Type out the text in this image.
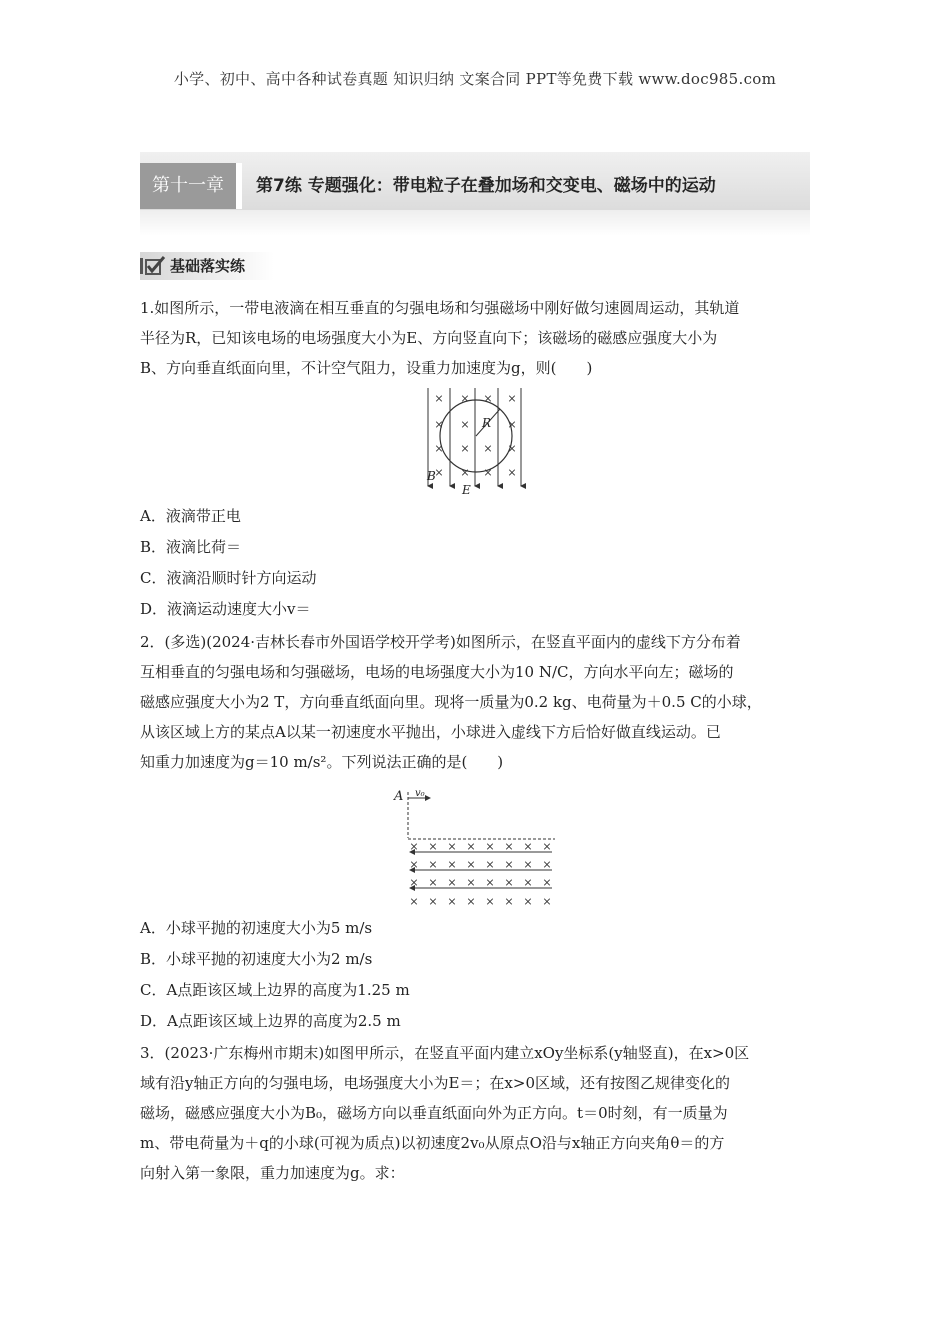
小学、初中、高中各种试卷真题 知识归纳 文案合同 PPT等免费下载 www.doc985.com
第十一章	第7练 专题强化：带电粒子在叠加场和交变电、磁场中的运动
基础落实练
1.如图所示，一带电液滴在相互垂直的匀强电场和匀强磁场中刚好做匀速圆周运动，其轨道
半径为R，已知该电场的电场强度大小为E、方向竖直向下；该磁场的磁感应强度大小为
B、方向垂直纸面向里，不计空气阻力，设重力加速度为g，则(　　)
× × × ×
× ×	×
× × × ×
× × × ×
R
B
E
A．液滴带正电
B．液滴比荷＝
C．液滴沿顺时针方向运动
D．液滴运动速度大小v＝
2．(多选)(2024·吉林长春市外国语学校开学考)如图所示，在竖直平面内的虚线下方分布着
互相垂直的匀强电场和匀强磁场，电场的电场强度大小为10 N/C，方向水平向左；磁场的
磁感应强度大小为2 T，方向垂直纸面向里。现将一质量为0.2 kg、电荷量为＋0.5 C的小球，
从该区域上方的某点A以某一初速度水平抛出，小球进入虚线下方后恰好做直线运动。已
知重力加速度为g＝10 m/s²。下列说法正确的是(　　)
A v₀
× × × × × × × ×
× × × × × × × ×
× × × × × × × ×
× × × × × × × ×
A．小球平抛的初速度大小为5 m/s
B．小球平抛的初速度大小为2 m/s
C．A点距该区域上边界的高度为1.25 m
D．A点距该区域上边界的高度为2.5 m
3．(2023·广东梅州市期末)如图甲所示，在竖直平面内建立xOy坐标系(y轴竖直)，在x>0区
域有沿y轴正方向的匀强电场，电场强度大小为E＝；在x>0区域，还有按图乙规律变化的
磁场，磁感应强度大小为B₀，磁场方向以垂直纸面向外为正方向。t＝0时刻，有一质量为
m、带电荷量为＋q的小球(可视为质点)以初速度2v₀从原点O沿与x轴正方向夹角θ＝的方
向射入第一象限，重力加速度为g。求：
